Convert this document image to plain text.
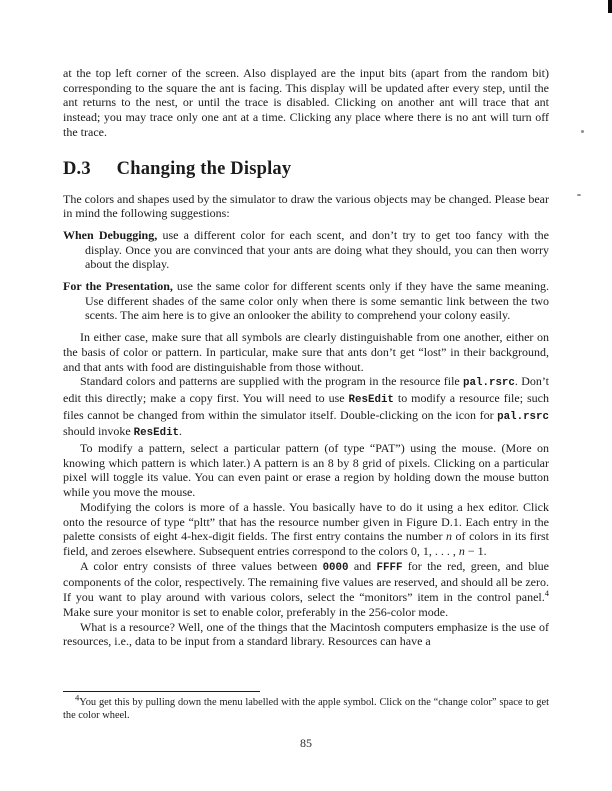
at the top left corner of the screen. Also displayed are the input bits (apart from the random bit) corresponding to the square the ant is facing. This display will be updated after every step, until the ant returns to the nest, or until the trace is disabled. Clicking on another ant will trace that ant instead; you may trace only one ant at a time. Clicking any place where there is no ant will turn off the trace.

D.3 Changing the Display

The colors and shapes used by the simulator to draw the various objects may be changed. Please bear in mind the following suggestions:

When Debugging, use a different color for each scent, and don’t try to get too fancy with the display. Once you are convinced that your ants are doing what they should, you can then worry about the display.
For the Presentation, use the same color for different scents only if they have the same meaning. Use different shades of the same color only when there is some semantic link between the two scents. The aim here is to give an onlooker the ability to comprehend your colony easily.

In either case, make sure that all symbols are clearly distinguishable from one another, either on the basis of color or pattern. In particular, make sure that ants don’t get “lost” in their background, and that ants with food are distinguishable from those without.

Standard colors and patterns are supplied with the program in the resource file pal.rsrc. Don’t edit this directly; make a copy first. You will need to use ResEdit to modify a resource file; such files cannot be changed from within the simulator itself. Double-clicking on the icon for pal.rsrc should invoke ResEdit.

To modify a pattern, select a particular pattern (of type “PAT”) using the mouse. (More on knowing which pattern is which later.) A pattern is an 8 by 8 grid of pixels. Clicking on a particular pixel will toggle its value. You can even paint or erase a region by holding down the mouse button while you move the mouse.

Modifying the colors is more of a hassle. You basically have to do it using a hex editor. Click onto the resource of type “pltt” that has the resource number given in Figure D.1. Each entry in the palette consists of eight 4-hex-digit fields. The first entry contains the number n of colors in its first field, and zeroes elsewhere. Subsequent entries correspond to the colors 0, 1, . . . , n − 1.

A color entry consists of three values between 0000 and FFFF for the red, green, and blue components of the color, respectively. The remaining five values are reserved, and should all be zero. If you want to play around with various colors, select the “monitors” item in the control panel.$^4$ Make sure your monitor is set to enable color, preferably in the 256-color mode.

What is a resource? Well, one of the things that the Macintosh computers emphasize is the use of resources, i.e., data to be input from a standard library. Resources can have a

$^4$You get this by pulling down the menu labelled with the apple symbol. Click on the “change color” space to get the color wheel.

85
